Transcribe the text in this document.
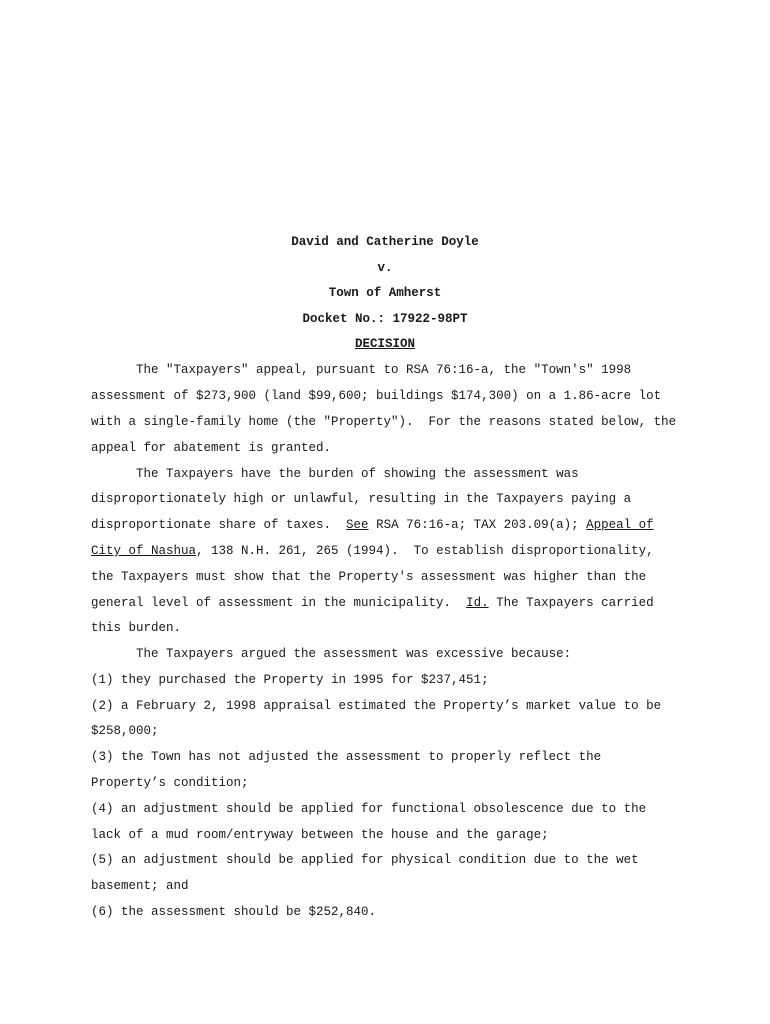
David and Catherine Doyle
v.
Town of Amherst
Docket No.: 17922-98PT
DECISION
The "Taxpayers" appeal, pursuant to RSA 76:16-a, the "Town's" 1998
assessment of $273,900 (land $99,600; buildings $174,300) on a 1.86-acre lot
with a single-family home (the "Property").  For the reasons stated below, the
appeal for abatement is granted.
The Taxpayers have the burden of showing the assessment was
disproportionately high or unlawful, resulting in the Taxpayers paying a
disproportionate share of taxes.  See RSA 76:16-a; TAX 203.09(a); Appeal of
City of Nashua, 138 N.H. 261, 265 (1994).  To establish disproportionality,
the Taxpayers must show that the Property's assessment was higher than the
general level of assessment in the municipality.  Id. The Taxpayers carried
this burden.
The Taxpayers argued the assessment was excessive because:
(1) they purchased the Property in 1995 for $237,451;
(2) a February 2, 1998 appraisal estimated the Property’s market value to be
$258,000;
(3) the Town has not adjusted the assessment to properly reflect the
Property’s condition;
(4) an adjustment should be applied for functional obsolescence due to the
lack of a mud room/entryway between the house and the garage;
(5) an adjustment should be applied for physical condition due to the wet
basement; and
(6) the assessment should be $252,840.
